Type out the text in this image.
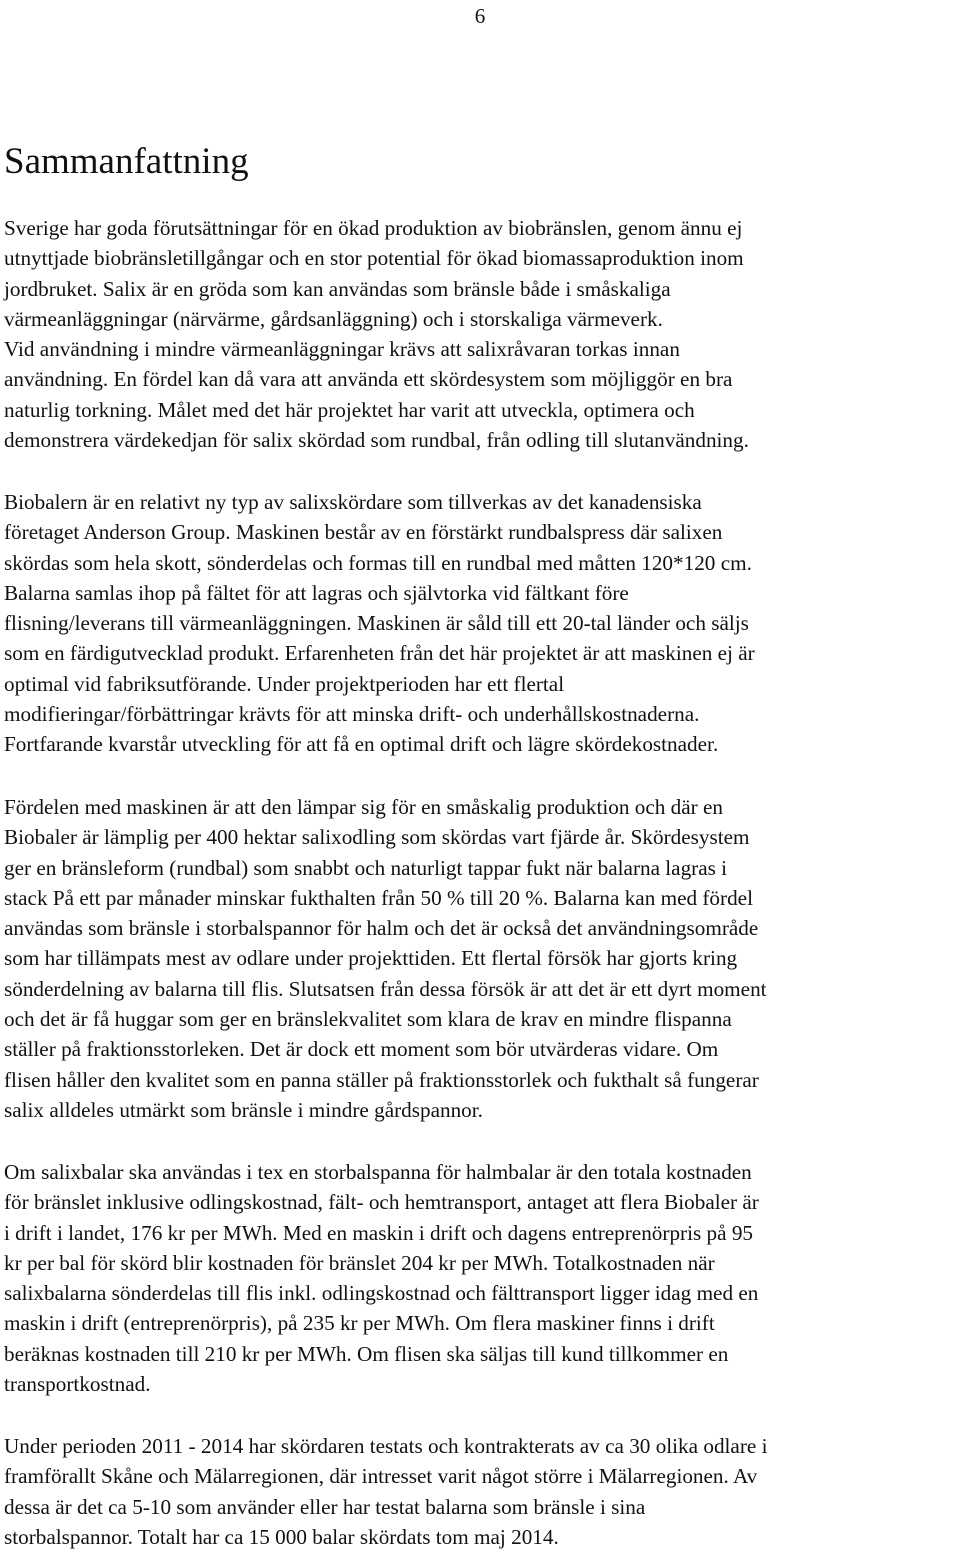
6
Sammanfattning

Sverige har goda förutsättningar för en ökad produktion av biobränslen, genom ännu ej
utnyttjade biobränsletillgångar och en stor potential för ökad biomassaproduktion inom
jordbruket. Salix är en gröda som kan användas som bränsle både i småskaliga
värmeanläggningar (närvärme, gårdsanläggning) och i storskaliga värmeverk.
Vid användning i mindre värmeanläggningar krävs att salixråvaran torkas innan
användning. En fördel kan då vara att använda ett skördesystem som möjliggör en bra
naturlig torkning. Målet med det här projektet har varit att utveckla, optimera och
demonstrera värdekedjan för salix skördad som rundbal, från odling till slutanvändning.

Biobalern är en relativt ny typ av salixskördare som tillverkas av det kanadensiska
företaget Anderson Group. Maskinen består av en förstärkt rundbalspress där salixen
skördas som hela skott, sönderdelas och formas till en rundbal med måtten 120*120 cm.
Balarna samlas ihop på fältet för att lagras och självtorka vid fältkant före
flisning/leverans till värmeanläggningen. Maskinen är såld till ett 20-tal länder och säljs
som en färdigutvecklad produkt. Erfarenheten från det här projektet är att maskinen ej är
optimal vid fabriksutförande. Under projektperioden har ett flertal
modifieringar/förbättringar krävts för att minska drift- och underhållskostnaderna.
Fortfarande kvarstår utveckling för att få en optimal drift och lägre skördekostnader.

Fördelen med maskinen är att den lämpar sig för en småskalig produktion och där en
Biobaler är lämplig per 400 hektar salixodling som skördas vart fjärde år. Skördesystem
ger en bränsleform (rundbal) som snabbt och naturligt tappar fukt när balarna lagras i
stack På ett par månader minskar fukthalten från 50 % till 20 %. Balarna kan med fördel
användas som bränsle i storbalspannor för halm och det är också det användningsområde
som har tillämpats mest av odlare under projekttiden. Ett flertal försök har gjorts kring
sönderdelning av balarna till flis. Slutsatsen från dessa försök är att det är ett dyrt moment
och det är få huggar som ger en bränslekvalitet som klara de krav en mindre flispanna
ställer på fraktionsstorleken. Det är dock ett moment som bör utvärderas vidare. Om
flisen håller den kvalitet som en panna ställer på fraktionsstorlek och fukthalt så fungerar
salix alldeles utmärkt som bränsle i mindre gårdspannor.

Om salixbalar ska användas i tex en storbalspanna för halmbalar är den totala kostnaden
för bränslet inklusive odlingskostnad, fält- och hemtransport, antaget att flera Biobaler är
i drift i landet, 176 kr per MWh. Med en maskin i drift och dagens entreprenörpris på 95
kr per bal för skörd blir kostnaden för bränslet 204 kr per MWh. Totalkostnaden när
salixbalarna sönderdelas till flis inkl. odlingskostnad och fälttransport ligger idag med en
maskin i drift (entreprenörpris), på 235 kr per MWh. Om flera maskiner finns i drift
beräknas kostnaden till 210 kr per MWh. Om flisen ska säljas till kund tillkommer en
transportkostnad.

Under perioden 2011 - 2014 har skördaren testats och kontrakterats av ca 30 olika odlare i
framförallt Skåne och Mälarregionen, där intresset varit något större i Mälarregionen. Av
dessa är det ca 5-10 som använder eller har testat balarna som bränsle i sina
storbalspannor. Totalt har ca 15 000 balar skördats tom maj 2014.
